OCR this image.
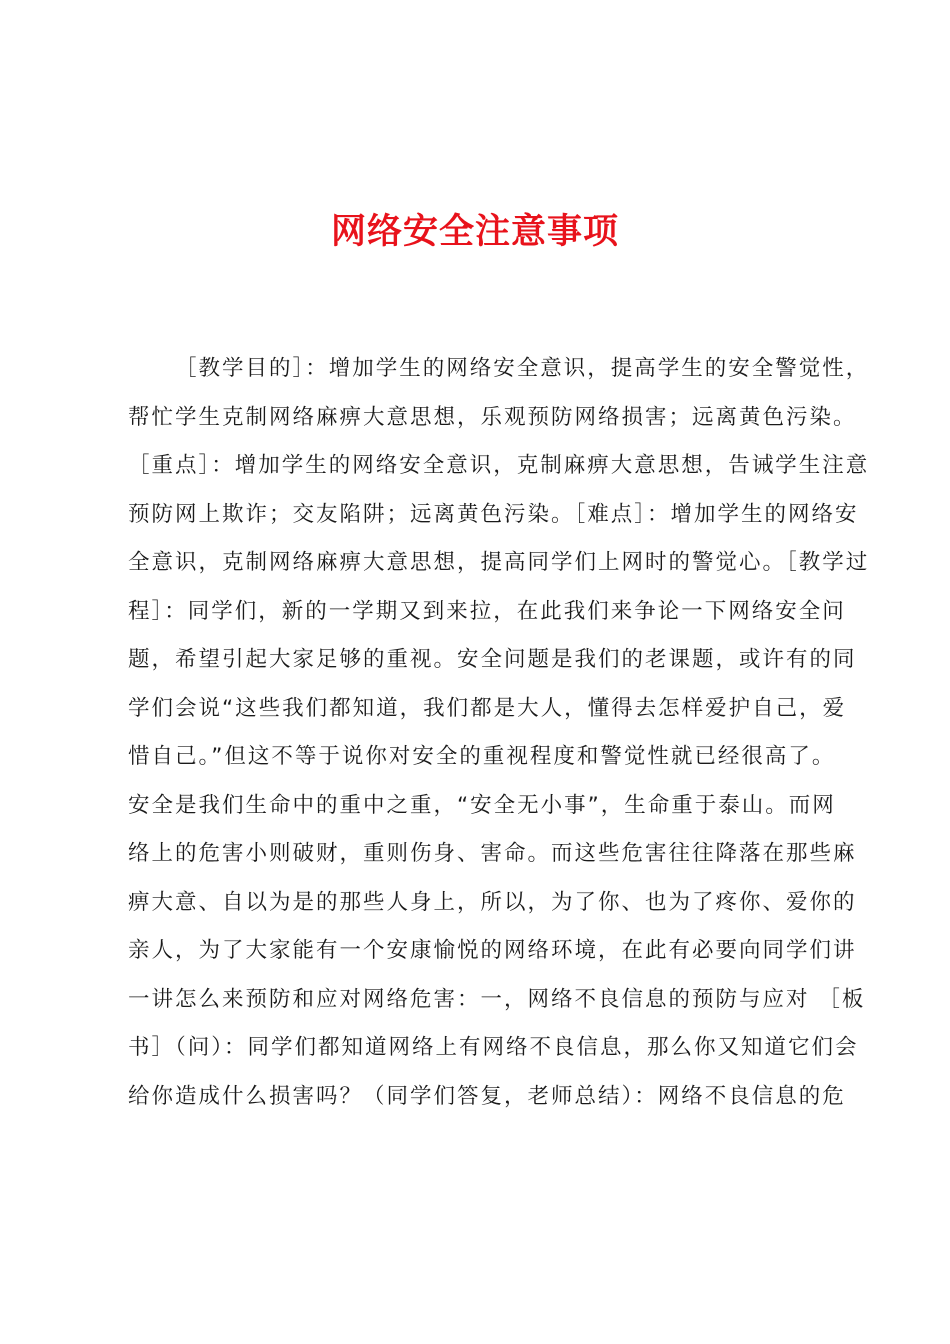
网络安全注意事项
［教学目的］：增加学生的网络安全意识，提高学生的安全警觉性，
帮忙学生克制网络麻痹大意思想，乐观预防网络损害；远离黄色污染。
［重点］：增加学生的网络安全意识，克制麻痹大意思想，告诫学生注意
预防网上欺诈；交友陷阱；远离黄色污染。［难点］：增加学生的网络安
全意识，克制网络麻痹大意思想，提高同学们上网时的警觉心。［教学过
程］：同学们，新的一学期又到来拉，在此我们来争论一下网络安全问
题，希望引起大家足够的重视。安全问题是我们的老课题，或许有的同
学们会说“这些我们都知道，我们都是大人，懂得去怎样爱护自己，爱
惜自己。”但这不等于说你对安全的重视程度和警觉性就已经很高了。
安全是我们生命中的重中之重，“安全无小事”，生命重于泰山。而网
络上的危害小则破财，重则伤身、害命。而这些危害往往降落在那些麻
痹大意、自以为是的那些人身上，所以，为了你、也为了疼你、爱你的
亲人，为了大家能有一个安康愉悦的网络环境，在此有必要向同学们讲
一讲怎么来预防和应对网络危害：一，网络不良信息的预防与应对 ［板
书］（问）：同学们都知道网络上有网络不良信息，那么你又知道它们会
给你造成什么损害吗？（同学们答复，老师总结）：网络不良信息的危
